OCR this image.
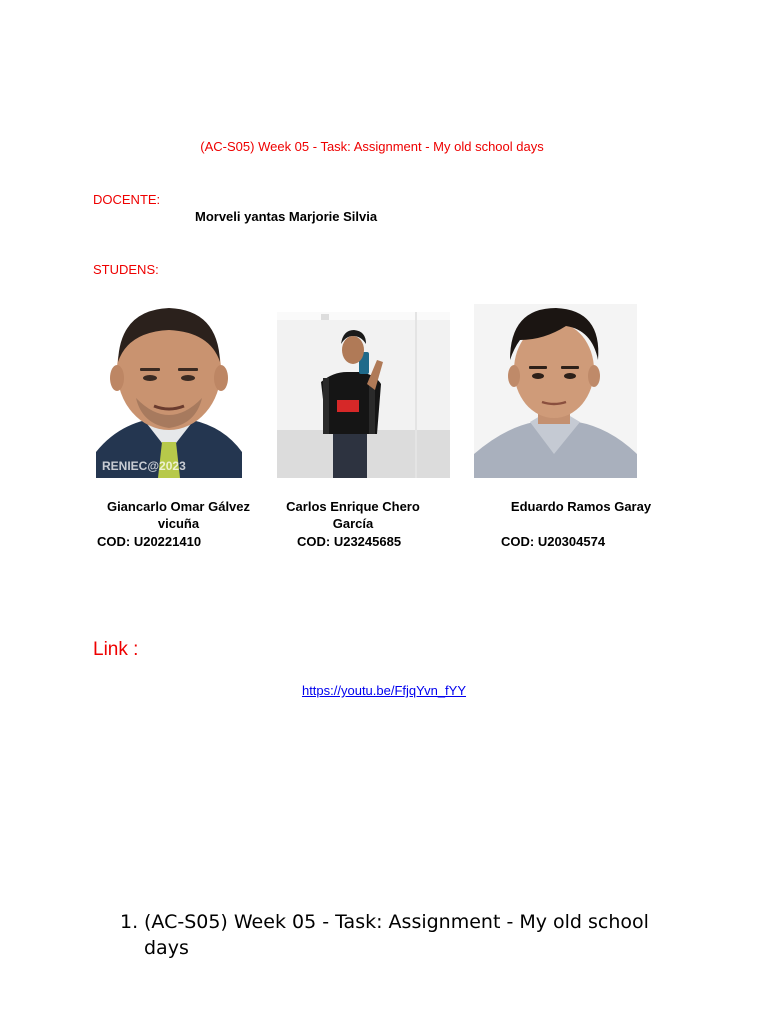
(AC-S05) Week 05 - Task: Assignment - My old school days
DOCENTE:
Morveli yantas Marjorie Silvia
STUDENS:
RENIEC@2023
Giancarlo Omar Gálvez
vicuña
COD: U20221410
Carlos Enrique Chero
García
COD: U23245685
Eduardo Ramos Garay
COD: U20304574
Link :
https://youtu.be/FfjqYvn_fYY
1. (AC-S05) Week 05 - Task: Assignment - My old school days
